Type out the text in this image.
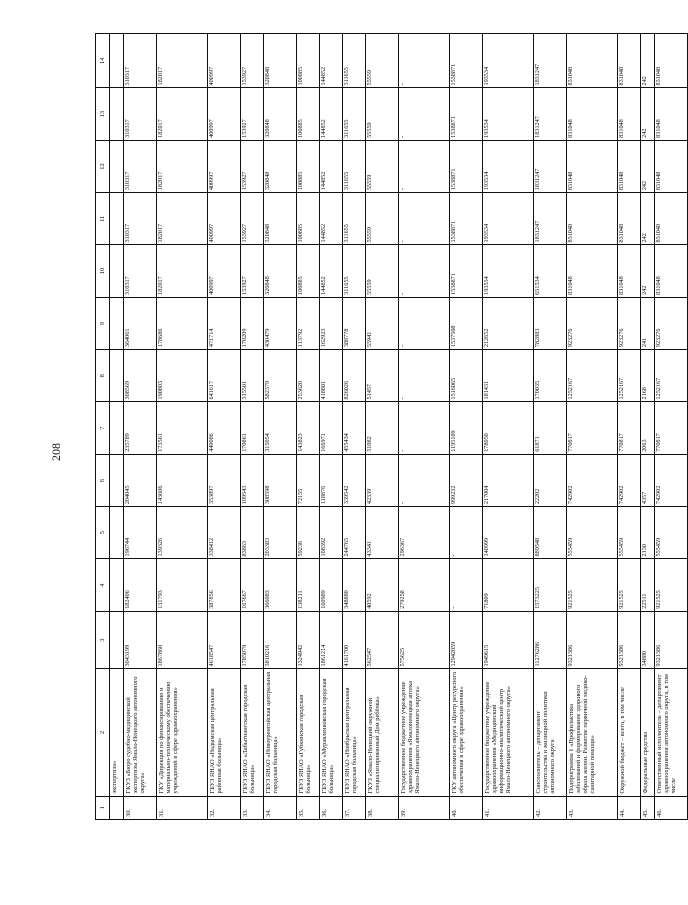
208
1	2	3	4	5	6	7	8	9	10	11	12	13	14
	экспертиза»												
30.	ГКУЗ «Бюро судебно-медицинской экспертизы Ямало-Ненецкого автономного округа»	3043199	182406	196744	204045	235789	308569	364061	310317	310317	310317	310317	310317
31.	ГКУ «Дирекция по финансированию и материально-техническому обеспечению учреждений в сфере здравоохранения»	1867860	131793	139326	143606	173561	190803	178686	182017	182017	182017	182017	182017
32.	ГБУЗ ЯНАО «Надымская центральная районная больница»	4618547	387856	338412	353897	440086	641617	471714	400997	400997	400997	400997	400997
33.	ГБУЗ ЯНАО «Лабытнангская городская больница»	1785079	167667	83863	109543	170861	315501	170209	153927	153927	153927	153927	153927
34.	ГБУЗ ЯНАО «Новоуренгойская центральная городская больница»	3810216	366083	203383	308598	315054	582379	430479	320848	320848	320848	320848	320848
35.	ГБУЗ ЯНАО «Губкинская городская больница»	1324942	138211	59236	72155	143823	253620	113792	100885	100885	100885	100885	100885
36.	ГБУЗ ЯНАО «Муравленковская городская больница»	1861214	160989	108392	118876	166971	418801	162923	144852	144852	144852	144852	144852
37.	ГБУЗ ЯНАО «Ноябрьская центральная городская больница»	4161700	348880	244765	339542	455434	826026	388778	311655	311655	311655	311655	311655
38.	ГКУЗ «Ямало-Ненецкий окружной специализированный Дом ребёнка»	562547	40592	43341	42339	51082	51457	55941	55559	55559	55559	55559	55559
39.	Государственное бюджетное учреждение здравоохранения «Ямалоненецкая аптека Ямало-Ненецкого автономного округа»	575625	279258	296367	-	-	-	-	-	-	-	-	-
40.	ГКУ автономного округа «Центр ресурсного обеспечения в сфере здравоохранения»	12942059	-	-	999232	1195109	1516065	1537508	1538871	1538871	1538871	1538871	1538871
41.	Государственное бюджетное учреждение здравоохранения «Медицинский информационно-аналитический центр Ямало-Ненецкого автономного округа»	1949615	71809	140999	217004	178050	181431	212652	193534	193534	193534	193534	193534
42.	Соисполнитель – департамент строительства и жилищной политики автономного округа	11276286	1573225	889548	22202	61871	170035	782883	651534	1831247	1831247	1831247	1831247
43.	Подпрограмма 1 «Профилактика заболеваний и формирование здорового образа жизни. Развитие первичной медико-санитарной помощи»	9321386	921525	555459	742902	770817	1252167	923276	831048	831048	831048	831048	831048
44.	Окружной бюджет – всего, в том числе	9321386	921525	555459	742902	770817	1252167	923276	831048	831048	831048	831048	831048
45.	Федеральные средства	34880	22511	2130	4357	2063	2168	241	242	242	242	242	242
46.	Ответственный исполнитель – департамент здравоохранения автономного округа, в том числе	9321386	921525	555459	742902	770817	1252167	923276	831048	831048	831048	831048	831048
